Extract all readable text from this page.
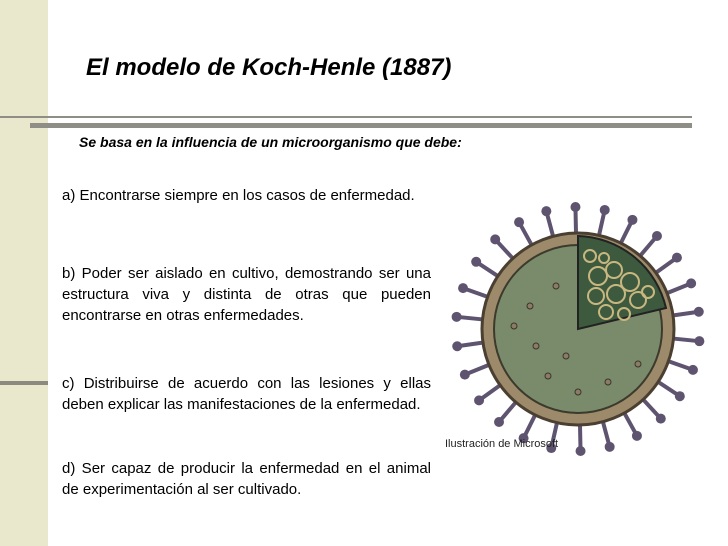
El modelo de Koch-Henle (1887)
Se basa en la influencia de un microorganismo que debe:
a) Encontrarse siempre en los casos de enfermedad.
b) Poder ser aislado en cultivo, demostrando ser una estructura viva y distinta de otras que pueden encontrarse en otras enfermedades.
c) Distribuirse de acuerdo con las lesiones y ellas deben explicar las manifestaciones de la enfermedad.
d) Ser capaz de producir la enfermedad en el animal de experimentación al ser cultivado.
Ilustración de Microsoft
